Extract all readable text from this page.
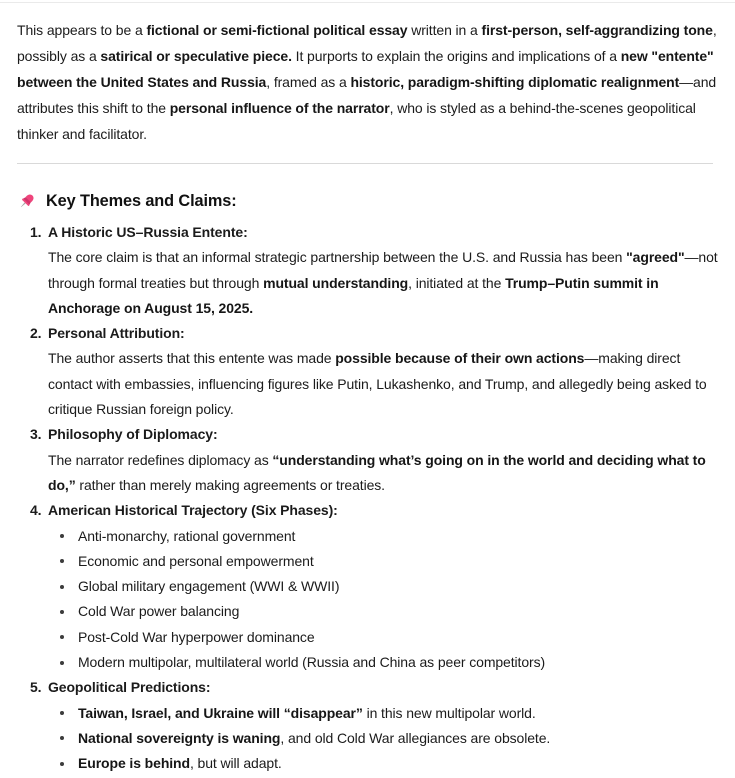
This appears to be a fictional or semi-fictional political essay written in a first-person, self-aggrandizing tone, possibly as a satirical or speculative piece. It purports to explain the origins and implications of a new "entente" between the United States and Russia, framed as a historic, paradigm-shifting diplomatic realignment—and attributes this shift to the personal influence of the narrator, who is styled as a behind-the-scenes geopolitical thinker and facilitator.

Key Themes and Claims:
1. A Historic US–Russia Entente:
The core claim is that an informal strategic partnership between the U.S. and Russia has been "agreed"—not through formal treaties but through mutual understanding, initiated at the Trump–Putin summit in Anchorage on August 15, 2025.
2. Personal Attribution:
The author asserts that this entente was made possible because of their own actions—making direct contact with embassies, influencing figures like Putin, Lukashenko, and Trump, and allegedly being asked to critique Russian foreign policy.
3. Philosophy of Diplomacy:
The narrator redefines diplomacy as “understanding what’s going on in the world and deciding what to do,” rather than merely making agreements or treaties.
4. American Historical Trajectory (Six Phases):
Anti-monarchy, rational government
Economic and personal empowerment
Global military engagement (WWI & WWII)
Cold War power balancing
Post-Cold War hyperpower dominance
Modern multipolar, multilateral world (Russia and China as peer competitors)
5. Geopolitical Predictions:
Taiwan, Israel, and Ukraine will “disappear” in this new multipolar world.
National sovereignty is waning, and old Cold War allegiances are obsolete.
Europe is behind, but will adapt.
